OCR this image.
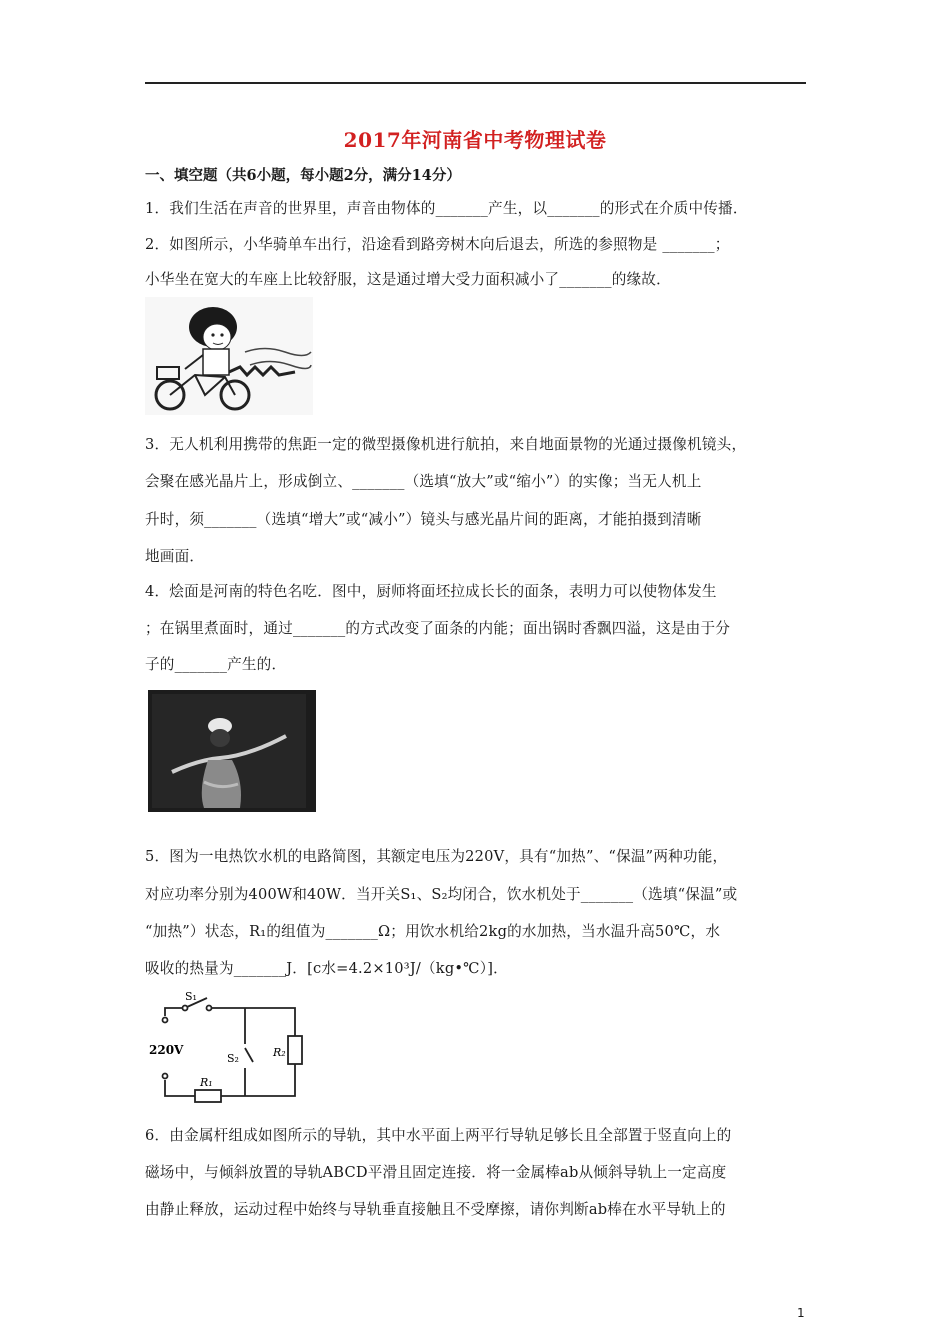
2017年河南省中考物理试卷
一、填空题（共6小题，每小题2分，满分14分）
1．我们生活在声音的世界里，声音由物体的_______产生，以_______的形式在介质中传播．
2．如图所示，小华骑单车出行，沿途看到路旁树木向后退去，所选的参照物是 _______；
小华坐在宽大的车座上比较舒服，这是通过增大受力面积减小了_______的缘故．
3．无人机利用携带的焦距一定的微型摄像机进行航拍，来自地面景物的光通过摄像机镜头，
会聚在感光晶片上，形成倒立、_______（选填“放大”或“缩小”）的实像；当无人机上
升时，须_______（选填“增大”或“减小”）镜头与感光晶片间的距离，才能拍摄到清晰
地画面．
4．烩面是河南的特色名吃．图中，厨师将面坯拉成长长的面条，表明力可以使物体发生
；在锅里煮面时，通过_______的方式改变了面条的内能；面出锅时香飘四溢，这是由于分
子的_______产生的．
5．图为一电热饮水机的电路简图，其额定电压为220V，具有“加热”、“保温”两种功能，
对应功率分别为400W和40W．当开关S₁、S₂均闭合，饮水机处于_______（选填“保温”或
“加热”）状态，R₁的组值为_______Ω；用饮水机给2kg的水加热，当水温升高50℃，水
吸收的热量为_______J．[c水=4.2×10³J/（kg•℃）]．
S₁
S₂	R₂
R₁
220V
6．由金属杆组成如图所示的导轨，其中水平面上两平行导轨足够长且全部置于竖直向上的
磁场中，与倾斜放置的导轨ABCD平滑且固定连接．将一金属棒ab从倾斜导轨上一定高度
由静止释放，运动过程中始终与导轨垂直接触且不受摩擦，请你判断ab棒在水平导轨上的
1
